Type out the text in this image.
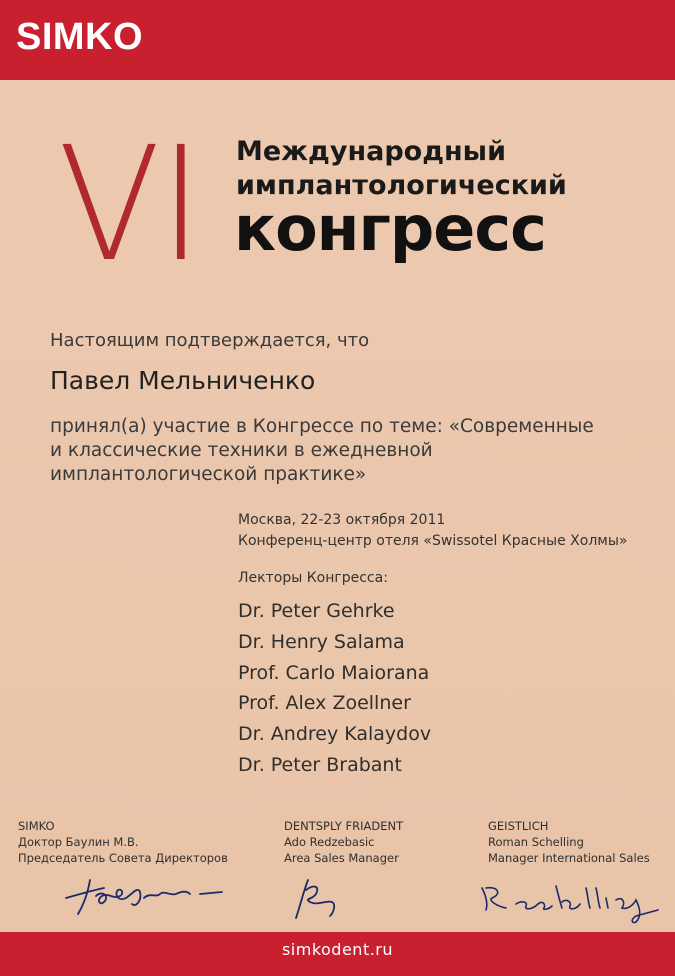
SIMKO
VI Международный
имплантологический
конгресс
Настоящим подтверждается, что
Павел Мельниченко
принял(а) участие в Конгрессе по теме: «Современные
и классические техники в ежедневной
имплантологической практике»
Москва, 22-23 октября 2011
Конференц-центр отеля «Swissotel Красные Холмы»
Лекторы Конгресса:
Dr. Peter Gehrke
Dr. Henry Salama
Prof. Carlo Maiorana
Prof. Alex Zoellner
Dr. Andrey Kalaydov
Dr. Peter Brabant
SIMKO
Доктор Баулин М.В.
Председатель Совета Директоров
DENTSPLY FRIADENT
Ado Redzebasic
Area Sales Manager
GEISTLICH
Roman Schelling
Manager International Sales
simkodent.ru
